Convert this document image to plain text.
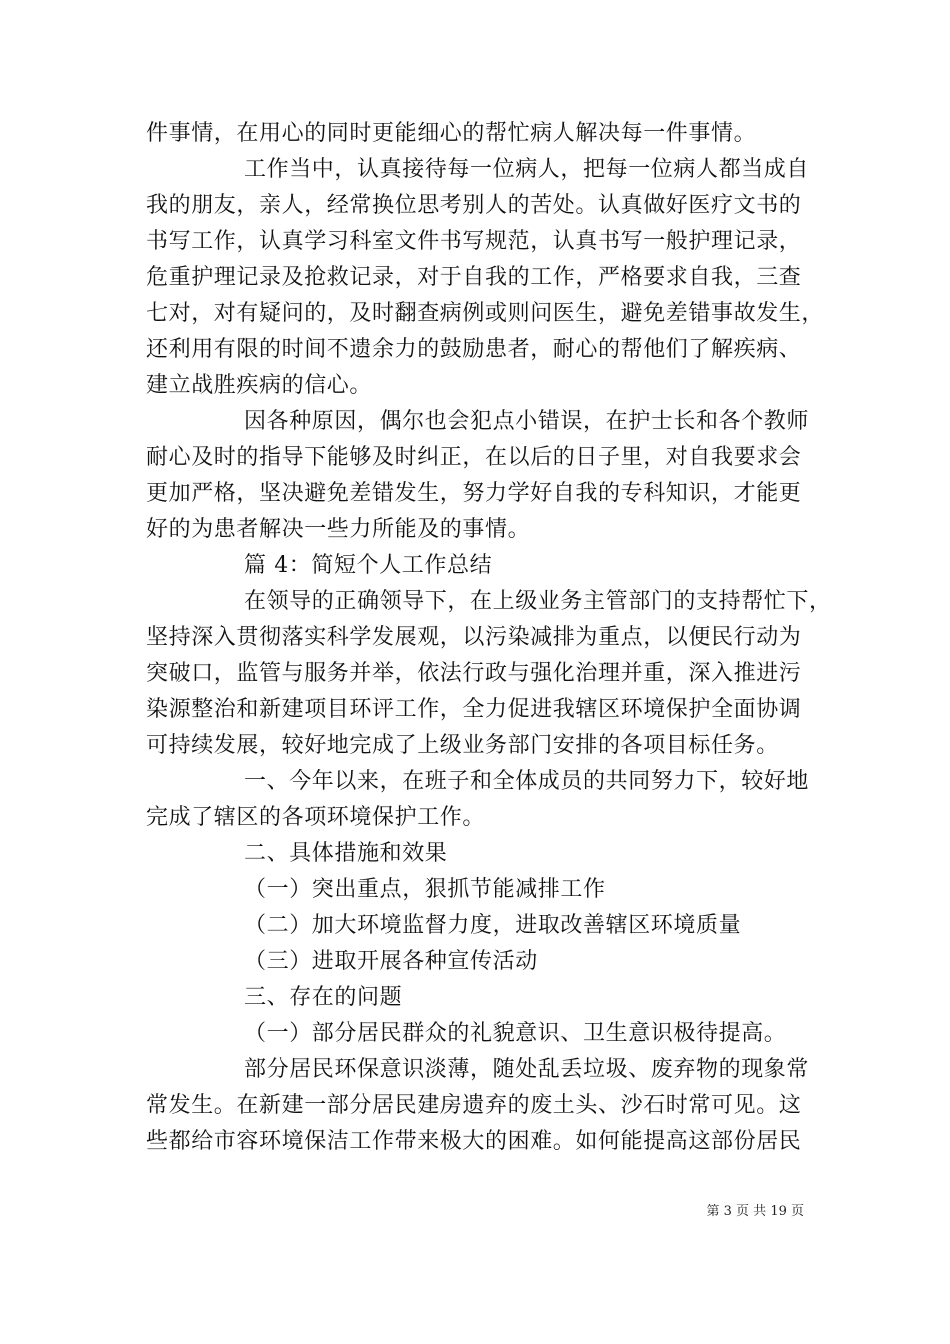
件事情，在用心的同时更能细心的帮忙病人解决每一件事情。
工作当中，认真接待每一位病人，把每一位病人都当成自
我的朋友，亲人，经常换位思考别人的苦处。认真做好医疗文书的
书写工作，认真学习科室文件书写规范，认真书写一般护理记录，
危重护理记录及抢救记录，对于自我的工作，严格要求自我，三查
七对，对有疑问的，及时翻查病例或则问医生，避免差错事故发生，
还利用有限的时间不遗余力的鼓励患者，耐心的帮他们了解疾病、
建立战胜疾病的信心。
因各种原因，偶尔也会犯点小错误，在护士长和各个教师
耐心及时的指导下能够及时纠正，在以后的日子里，对自我要求会
更加严格，坚决避免差错发生，努力学好自我的专科知识，才能更
好的为患者解决一些力所能及的事情。
篇 4：简短个人工作总结
在领导的正确领导下，在上级业务主管部门的支持帮忙下，
坚持深入贯彻落实科学发展观，以污染减排为重点，以便民行动为
突破口，监管与服务并举，依法行政与强化治理并重，深入推进污
染源整治和新建项目环评工作，全力促进我辖区环境保护全面协调
可持续发展，较好地完成了上级业务部门安排的各项目标任务。
一、今年以来，在班子和全体成员的共同努力下，较好地
完成了辖区的各项环境保护工作。
二、具体措施和效果
（一）突出重点，狠抓节能减排工作
（二）加大环境监督力度，进取改善辖区环境质量
（三）进取开展各种宣传活动
三、存在的问题
（一）部分居民群众的礼貌意识、卫生意识极待提高。
部分居民环保意识淡薄，随处乱丢垃圾、废弃物的现象常
常发生。在新建一部分居民建房遗弃的废土头、沙石时常可见。这
些都给市容环境保洁工作带来极大的困难。如何能提高这部份居民
第 3 页 共 19 页
